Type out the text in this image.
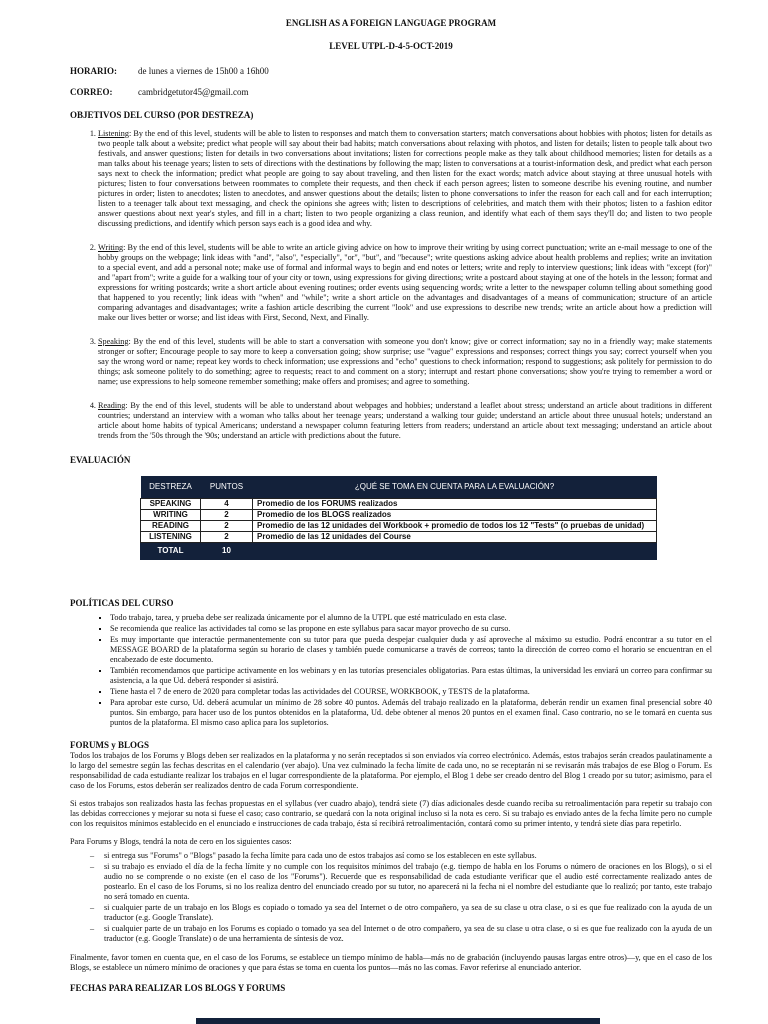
ENGLISH AS A FOREIGN LANGUAGE PROGRAM
LEVEL UTPL-D-4-5-OCT-2019
HORARIO:	de lunes a viernes de 15h00 a 16h00
CORREO:	cambridgetutor45@gmail.com
OBJETIVOS DEL CURSO (POR DESTREZA)
1. Listening: By the end of this level, students will be able to listen to responses and match them to conversation starters; match conversations about hobbies with photos; listen for details as two people talk about a website; predict what people will say about their bad habits; match conversations about relaxing with photos, and listen for details; listen to people talk about two festivals, and answer questions; listen for details in two conversations about invitations; listen for corrections people make as they talk about childhood memories; listen for details as a man talks about his teenage years; listen to sets of directions with the destinations by following the map; listen to conversations at a tourist-information desk, and predict what each person says next to check the information; predict what people are going to say about traveling, and then listen for the exact words; match advice about staying at three unusual hotels with pictures; listen to four conversations between roommates to complete their requests, and then check if each person agrees; listen to someone describe his evening routine, and number pictures in order; listen to anecdotes; listen to anecdotes, and answer questions about the details; listen to phone conversations to infer the reason for each call and for each interruption; listen to a teenager talk about text messaging, and check the opinions she agrees with; listen to descriptions of celebrities, and match them with their photos; listen to a fashion editor answer questions about next year's styles, and fill in a chart; listen to two people organizing a class reunion, and identify what each of them says they'll do; and listen to two people discussing predictions, and identify which person says each is a good idea and why.
2. Writing: By the end of this level, students will be able to write an article giving advice on how to improve their writing by using correct punctuation; write an e-mail message to one of the hobby groups on the webpage; link ideas with "and", "also", "especially", "or", "but", and "because"; write questions asking advice about health problems and replies; write an invitation to a special event, and add a personal note; make use of formal and informal ways to begin and end notes or letters; write and reply to interview questions; link ideas with "except (for)" and "apart from"; write a guide for a walking tour of your city or town, using expressions for giving directions; write a postcard about staying at one of the hotels in the lesson; format and expressions for writing postcards; write a short article about evening routines; order events using sequencing words; write a letter to the newspaper column telling about something good that happened to you recently; link ideas with "when" and "while"; write a short article on the advantages and disadvantages of a means of communication; structure of an article comparing advantages and disadvantages; write a fashion article describing the current "look" and use expressions to describe new trends; write an article about how a prediction will make our lives better or worse; and list ideas with First, Second, Next, and Finally.
3. Speaking: By the end of this level, students will be able to start a conversation with someone you don't know; give or correct information; say no in a friendly way; make statements stronger or softer; Encourage people to say more to keep a conversation going; show surprise; use "vague" expressions and responses; correct things you say; correct yourself when you say the wrong word or name; repeat key words to check information; use expressions and "echo" questions to check information; respond to suggestions; ask politely for permission to do things; ask someone politely to do something; agree to requests; react to and comment on a story; interrupt and restart phone conversations; show you're trying to remember a word or name; use expressions to help someone remember something; make offers and promises; and agree to something.
4. Reading: By the end of this level, students will be able to understand about webpages and hobbies; understand a leaflet about stress; understand an article about traditions in different countries; understand an interview with a woman who talks about her teenage years; understand a walking tour guide; understand an article about three unusual hotels; understand an article about home habits of typical Americans; understand a newspaper column featuring letters from readers; understand an article about text messaging; understand an article about trends from the '50s through the '90s; understand an article with predictions about the future.
EVALUACIÓN
DESTREZA	PUNTOS	¿QUÉ SE TOMA EN CUENTA PARA LA EVALUACIÓN?
SPEAKING	4	Promedio de los FORUMS realizados
WRITING	2	Promedio de los BLOGS realizados
READING	2	Promedio de las 12 unidades del Workbook + promedio de todos los 12 "Tests" (o pruebas de unidad)
LISTENING	2	Promedio de las 12 unidades del Course
TOTAL	10	
POLÍTICAS DEL CURSO
▪ Todo trabajo, tarea, y prueba debe ser realizada únicamente por el alumno de la UTPL que esté matriculado en esta clase.
▪ Se recomienda que realice las actividades tal como se las propone en este syllabus para sacar mayor provecho de su curso.
▪ Es muy importante que interactúe permanentemente con su tutor para que pueda despejar cualquier duda y así aproveche al máximo su estudio. Podrá encontrar a su tutor en el MESSAGE BOARD de la plataforma según su horario de clases y también puede comunicarse a través de correos; tanto la dirección de correo como el horario se encuentran en el encabezado de este documento.
▪ También recomendamos que participe activamente en los webinars y en las tutorías presenciales obligatorias. Para estas últimas, la universidad les enviará un correo para confirmar su asistencia, a la que Ud. deberá responder si asistirá.
▪ Tiene hasta el 7 de enero de 2020 para completar todas las actividades del COURSE, WORKBOOK, y TESTS de la plataforma.
▪ Para aprobar este curso, Ud. deberá acumular un mínimo de 28 sobre 40 puntos. Además del trabajo realizado en la plataforma, deberán rendir un examen final presencial sobre 40 puntos. Sin embargo, para hacer uso de los puntos obtenidos en la plataforma, Ud. debe obtener al menos 20 puntos en el examen final. Caso contrario, no se le tomará en cuenta sus puntos de la plataforma. El mismo caso aplica para los supletorios.
FORUMS y BLOGS

Todos los trabajos de los Forums y Blogs deben ser realizados en la plataforma y no serán receptados si son enviados vía correo electrónico. Además, estos trabajos serán creados paulatinamente a lo largo del semestre según las fechas descritas en el calendario (ver abajo). Una vez culminado la fecha límite de cada uno, no se receptarán ni se revisarán más trabajos de ese Blog o Forum. Es responsabilidad de cada estudiante realizar los trabajos en el lugar correspondiente de la plataforma. Por ejemplo, el Blog 1 debe ser creado dentro del Blog 1 creado por su tutor; asimismo, para el caso de los Forums, estos deberán ser realizados dentro de cada Forum correspondiente.

Si estos trabajos son realizados hasta las fechas propuestas en el syllabus (ver cuadro abajo), tendrá siete (7) días adicionales desde cuando reciba su retroalimentación para repetir su trabajo con las debidas correcciones y mejorar su nota si fuese el caso; caso contrario, se quedará con la nota original incluso si la nota es cero. Si su trabajo es enviado antes de la fecha límite pero no cumple con los requisitos mínimos establecido en el enunciado e instrucciones de cada trabajo, ésta sí recibirá retroalimentación, contará como su primer intento, y tendrá siete días para repetirlo.

Para Forums y Blogs, tendrá la nota de cero en los siguientes casos:

– si entrega sus "Forums" o "Blogs" pasado la fecha límite para cada uno de estos trabajos así como se los establecen en este syllabus.
– si su trabajo es enviado el día de la fecha límite y no cumple con los requisitos mínimos del trabajo (e.g. tiempo de habla en los Forums o número de oraciones en los Blogs), o si el audio no se comprende o no existe (en el caso de los "Forums"). Recuerde que es responsabilidad de cada estudiante verificar que el audio esté correctamente realizado antes de postearlo. En el caso de los Forums, si no los realiza dentro del enunciado creado por su tutor, no aparecerá ni la fecha ni el nombre del estudiante que lo realizó; por tanto, este trabajo no será tomado en cuenta.
– si cualquier parte de un trabajo en los Blogs es copiado o tomado ya sea del Internet o de otro compañero, ya sea de su clase u otra clase, o si es que fue realizado con la ayuda de un traductor (e.g. Google Translate).
– si cualquier parte de un trabajo en los Forums es copiado o tomado ya sea del Internet o de otro compañero, ya sea de su clase u otra clase, o si es que fue realizado con la ayuda de un traductor (e.g. Google Translate) o de una herramienta de síntesis de voz.

Finalmente, favor tomen en cuenta que, en el caso de los Forums, se establece un tiempo mínimo de habla—más no de grabación (incluyendo pausas largas entre otros)—y, que en el caso de los Blogs, se establece un número mínimo de oraciones y que para éstas se toma en cuenta los puntos—más no las comas. Favor referirse al enunciado anterior.

FECHAS PARA REALIZAR LOS BLOGS Y FORUMS
